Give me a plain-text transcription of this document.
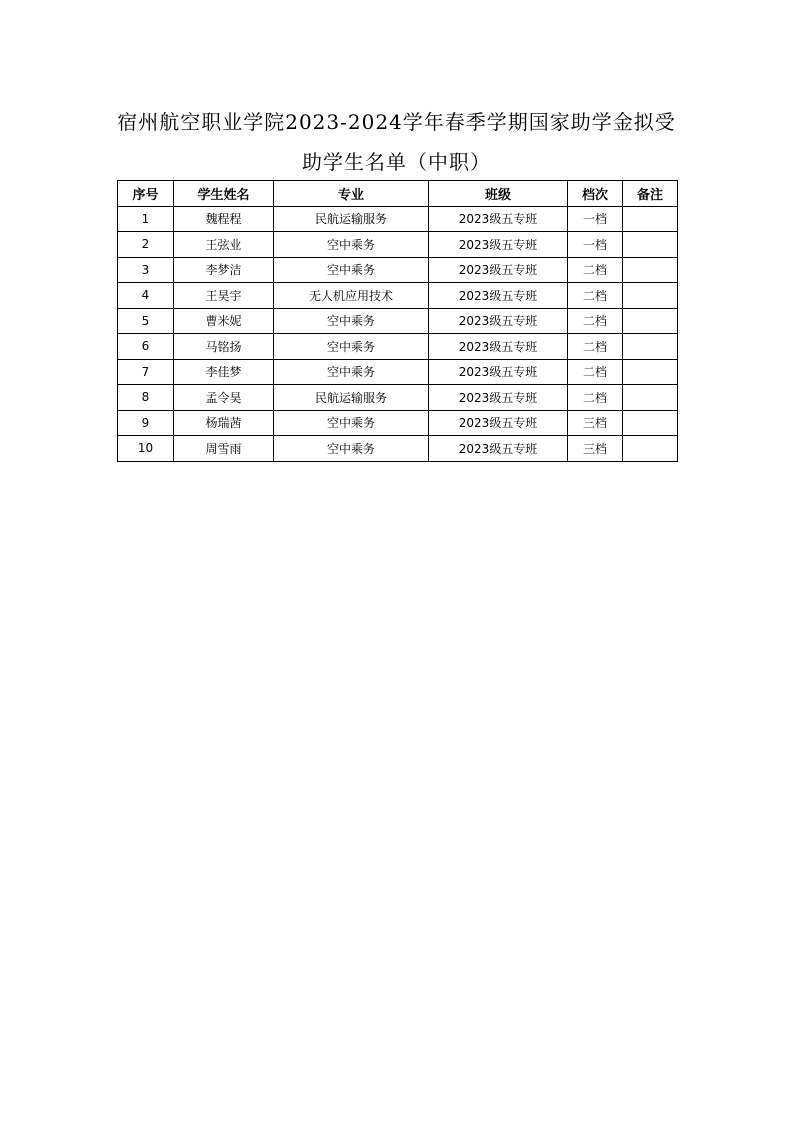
宿州航空职业学院2023-2024学年春季学期国家助学金拟受
助学生名单（中职）
序号	学生姓名	专业	班级	档次	备注
1	魏程程	民航运输服务	2023级五专班	一档	
2	王弦业	空中乘务	2023级五专班	一档	
3	李梦洁	空中乘务	2023级五专班	二档	
4	王昊宇	无人机应用技术	2023级五专班	二档	
5	曹米妮	空中乘务	2023级五专班	二档	
6	马铭扬	空中乘务	2023级五专班	二档	
7	李佳梦	空中乘务	2023级五专班	二档	
8	孟令昊	民航运输服务	2023级五专班	二档	
9	杨瑞茜	空中乘务	2023级五专班	三档	
10	周雪雨	空中乘务	2023级五专班	三档	
